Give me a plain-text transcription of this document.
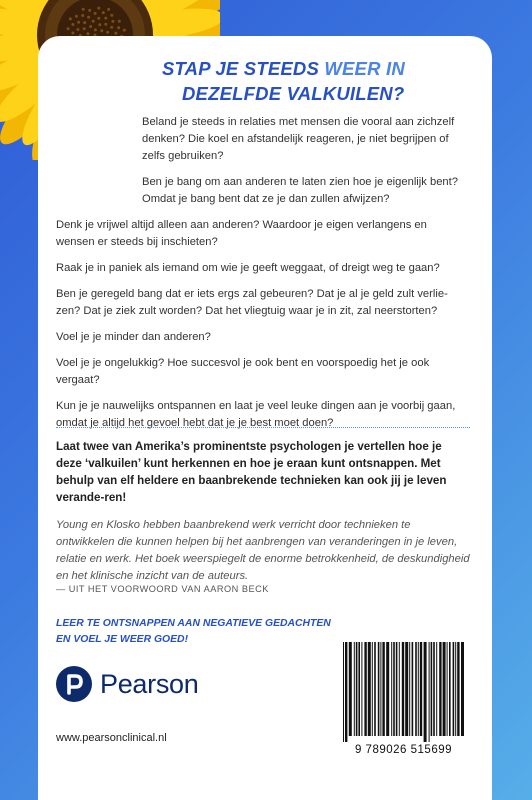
STAP JE STEEDS WEER IN
DEZELFDE VALKUILEN?

Beland je steeds in relaties met mensen die vooral aan zichzelf denken? Die koel en afstandelijk reageren, je niet begrijpen of zelfs gebruiken?

Ben je bang om aan anderen te laten zien hoe je eigenlijk bent? Omdat je bang bent dat ze je dan zullen afwijzen?

Denk je vrijwel altijd alleen aan anderen? Waardoor je eigen verlangens en wensen er steeds bij inschieten?

Raak je in paniek als iemand om wie je geeft weggaat, of dreigt weg te gaan?

Ben je geregeld bang dat er iets ergs zal gebeuren? Dat je al je geld zult verlie-zen? Dat je ziek zult worden? Dat het vliegtuig waar je in zit, zal neerstorten?

Voel je je minder dan anderen?

Voel je je ongelukkig? Hoe succesvol je ook bent en voorspoedig het je ook vergaat?

Kun je je nauwelijks ontspannen en laat je veel leuke dingen aan je voorbij gaan, omdat je altijd het gevoel hebt dat je je best moet doen?

Laat twee van Amerika’s prominentste psychologen je vertellen hoe je deze ‘valkuilen’ kunt herkennen en hoe je eraan kunt ontsnappen. Met behulp van elf heldere en baanbrekende technieken kan ook jij je leven verande-ren!

Young en Klosko hebben baanbrekend werk verricht door technieken te ontwikkelen die kunnen helpen bij het aanbrengen van veranderingen in je leven, relatie en werk. Het boek weerspiegelt de enorme betrokkenheid, de deskundigheid en het klinische inzicht van de auteurs.

— UIT HET VOORWOORD VAN AARON BECK
LEER TE ONTSNAPPEN AAN NEGATIEVE GEDACHTEN
EN VOEL JE WEER GOED!
Pearson
www.pearsonclinical.nl
9 789026 515699
